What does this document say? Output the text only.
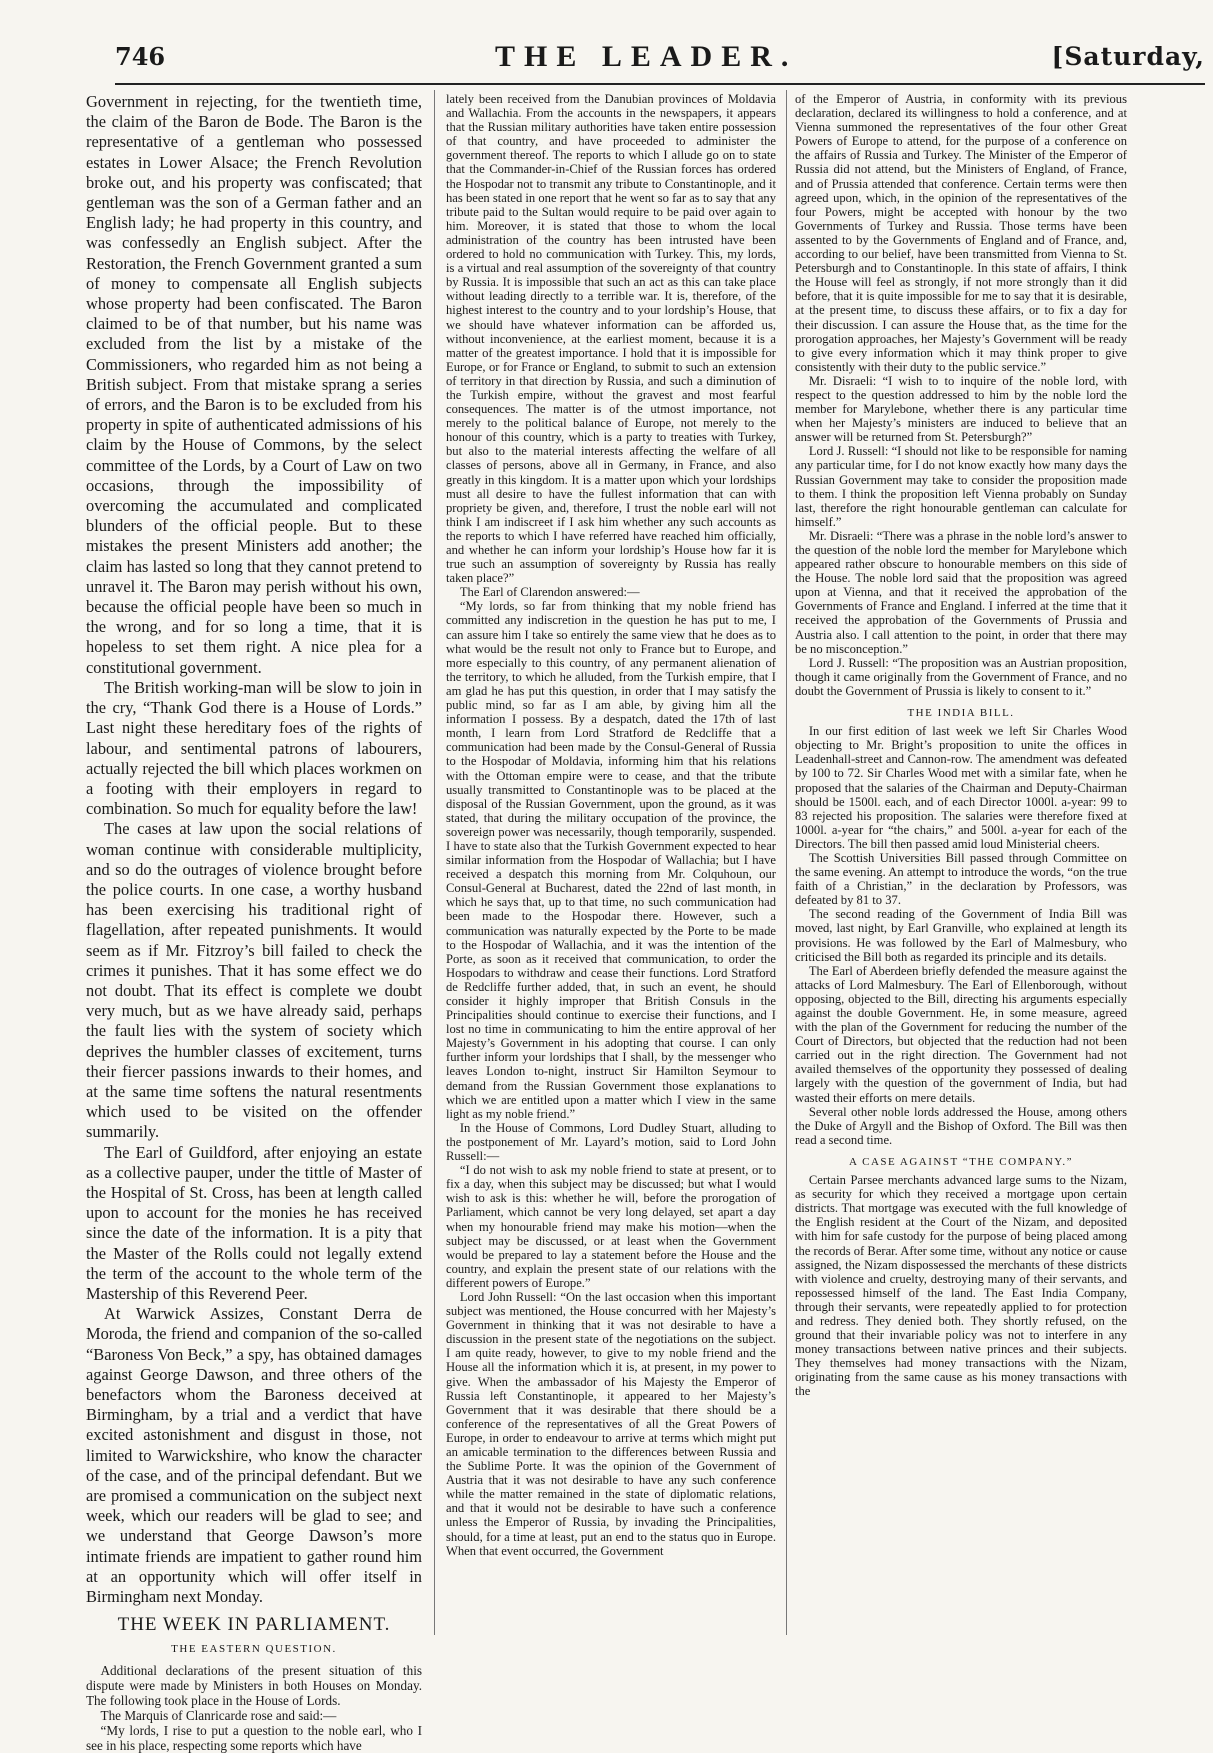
746	THE LEADER.	[Saturday,

Government in rejecting, for the twentieth time, the claim of the Baron de Bode. The Baron is the representative of a gentleman who possessed estates in Lower Alsace; the French Revolution broke out, and his property was confiscated; that gentleman was the son of a German father and an English lady; he had property in this country, and was confessedly an English subject. After the Restoration, the French Government granted a sum of money to compensate all English subjects whose property had been confiscated. The Baron claimed to be of that number, but his name was excluded from the list by a mistake of the Commissioners, who regarded him as not being a British subject. From that mistake sprang a series of errors, and the Baron is to be excluded from his property in spite of authenticated admissions of his claim by the House of Commons, by the select committee of the Lords, by a Court of Law on two occasions, through the impossibility of overcoming the accumulated and complicated blunders of the official people. But to these mistakes the present Ministers add another; the claim has lasted so long that they cannot pretend to unravel it. The Baron may perish without his own, because the official people have been so much in the wrong, and for so long a time, that it is hopeless to set them right. A nice plea for a constitutional government.

The British working-man will be slow to join in the cry, “Thank God there is a House of Lords.” Last night these hereditary foes of the rights of labour, and sentimental patrons of labourers, actually rejected the bill which places workmen on a footing with their employers in regard to combination. So much for equality before the law!

The cases at law upon the social relations of woman continue with considerable multiplicity, and so do the outrages of violence brought before the police courts. In one case, a worthy husband has been exercising his traditional right of flagellation, after repeated punishments. It would seem as if Mr. Fitzroy’s bill failed to check the crimes it punishes. That it has some effect we do not doubt. That its effect is complete we doubt very much, but as we have already said, perhaps the fault lies with the system of society which deprives the humbler classes of excitement, turns their fiercer passions inwards to their homes, and at the same time softens the natural resentments which used to be visited on the offender summarily.

The Earl of Guildford, after enjoying an estate as a collective pauper, under the tittle of Master of the Hospital of St. Cross, has been at length called upon to account for the monies he has received since the date of the information. It is a pity that the Master of the Rolls could not legally extend the term of the account to the whole term of the Mastership of this Reverend Peer.

At Warwick Assizes, Constant Derra de Moroda, the friend and companion of the so-called “Baroness Von Beck,” a spy, has obtained damages against George Dawson, and three others of the benefactors whom the Baroness deceived at Birmingham, by a trial and a verdict that have excited astonishment and disgust in those, not limited to Warwickshire, who know the character of the case, and of the principal defendant. But we are promised a communication on the subject next week, which our readers will be glad to see; and we understand that George Dawson’s more intimate friends are impatient to gather round him at an opportunity which will offer itself in Birmingham next Monday.

THE WEEK IN PARLIAMENT.
THE EASTERN QUESTION.

Additional declarations of the present situation of this dispute were made by Ministers in both Houses on Monday. The following took place in the House of Lords.

The Marquis of Clanricarde rose and said:—

“My lords, I rise to put a question to the noble earl, who I see in his place, respecting some reports which have

lately been received from the Danubian provinces of Moldavia and Wallachia. From the accounts in the newspapers, it appears that the Russian military authorities have taken entire possession of that country, and have proceeded to administer the government thereof. The reports to which I allude go on to state that the Commander-in-Chief of the Russian forces has ordered the Hospodar not to transmit any tribute to Constantinople, and it has been stated in one report that he went so far as to say that any tribute paid to the Sultan would require to be paid over again to him. Moreover, it is stated that those to whom the local administration of the country has been intrusted have been ordered to hold no communication with Turkey. This, my lords, is a virtual and real assumption of the sovereignty of that country by Russia. It is impossible that such an act as this can take place without leading directly to a terrible war. It is, therefore, of the highest interest to the country and to your lordship’s House, that we should have whatever information can be afforded us, without inconvenience, at the earliest moment, because it is a matter of the greatest importance. I hold that it is impossible for Europe, or for France or England, to submit to such an extension of territory in that direction by Russia, and such a diminution of the Turkish empire, without the gravest and most fearful consequences. The matter is of the utmost importance, not merely to the political balance of Europe, not merely to the honour of this country, which is a party to treaties with Turkey, but also to the material interests affecting the welfare of all classes of persons, above all in Germany, in France, and also greatly in this kingdom. It is a matter upon which your lordships must all desire to have the fullest information that can with propriety be given, and, therefore, I trust the noble earl will not think I am indiscreet if I ask him whether any such accounts as the reports to which I have referred have reached him officially, and whether he can inform your lordship’s House how far it is true such an assumption of sovereignty by Russia has really taken place?”

The Earl of Clarendon answered:—

“My lords, so far from thinking that my noble friend has committed any indiscretion in the question he has put to me, I can assure him I take so entirely the same view that he does as to what would be the result not only to France but to Europe, and more especially to this country, of any permanent alienation of the territory, to which he alluded, from the Turkish empire, that I am glad he has put this question, in order that I may satisfy the public mind, so far as I am able, by giving him all the information I possess. By a despatch, dated the 17th of last month, I learn from Lord Stratford de Redcliffe that a communication had been made by the Consul-General of Russia to the Hospodar of Moldavia, informing him that his relations with the Ottoman empire were to cease, and that the tribute usually transmitted to Constantinople was to be placed at the disposal of the Russian Government, upon the ground, as it was stated, that during the military occupation of the province, the sovereign power was necessarily, though temporarily, suspended. I have to state also that the Turkish Government expected to hear similar information from the Hospodar of Wallachia; but I have received a despatch this morning from Mr. Colquhoun, our Consul-General at Bucharest, dated the 22nd of last month, in which he says that, up to that time, no such communication had been made to the Hospodar there. However, such a communication was naturally expected by the Porte to be made to the Hospodar of Wallachia, and it was the intention of the Porte, as soon as it received that communication, to order the Hospodars to withdraw and cease their functions. Lord Stratford de Redcliffe further added, that, in such an event, he should consider it highly improper that British Consuls in the Principalities should continue to exercise their functions, and I lost no time in communicating to him the entire approval of her Majesty’s Government in his adopting that course. I can only further inform your lordships that I shall, by the messenger who leaves London to-night, instruct Sir Hamilton Seymour to demand from the Russian Government those explanations to which we are entitled upon a matter which I view in the same light as my noble friend.”

In the House of Commons, Lord Dudley Stuart, alluding to the postponement of Mr. Layard’s motion, said to Lord John Russell:—

“I do not wish to ask my noble friend to state at present, or to fix a day, when this subject may be discussed; but what I would wish to ask is this: whether he will, before the prorogation of Parliament, which cannot be very long delayed, set apart a day when my honourable friend may make his motion—when the subject may be discussed, or at least when the Government would be prepared to lay a statement before the House and the country, and explain the present state of our relations with the different powers of Europe.”

Lord John Russell: “On the last occasion when this important subject was mentioned, the House concurred with her Majesty’s Government in thinking that it was not desirable to have a discussion in the present state of the negotiations on the subject. I am quite ready, however, to give to my noble friend and the House all the information which it is, at present, in my power to give. When the ambassador of his Majesty the Emperor of Russia left Constantinople, it appeared to her Majesty’s Government that it was desirable that there should be a conference of the representatives of all the Great Powers of Europe, in order to endeavour to arrive at terms which might put an amicable termination to the differences between Russia and the Sublime Porte. It was the opinion of the Government of Austria that it was not desirable to have any such conference while the matter remained in the state of diplomatic relations, and that it would not be desirable to have such a conference unless the Emperor of Russia, by invading the Principalities, should, for a time at least, put an end to the status quo in Europe. When that event occurred, the Government

of the Emperor of Austria, in conformity with its previous declaration, declared its willingness to hold a conference, and at Vienna summoned the representatives of the four other Great Powers of Europe to attend, for the purpose of a conference on the affairs of Russia and Turkey. The Minister of the Emperor of Russia did not attend, but the Ministers of England, of France, and of Prussia attended that conference. Certain terms were then agreed upon, which, in the opinion of the representatives of the four Powers, might be accepted with honour by the two Governments of Turkey and Russia. Those terms have been assented to by the Governments of England and of France, and, according to our belief, have been transmitted from Vienna to St. Petersburgh and to Constantinople. In this state of affairs, I think the House will feel as strongly, if not more strongly than it did before, that it is quite impossible for me to say that it is desirable, at the present time, to discuss these affairs, or to fix a day for their discussion. I can assure the House that, as the time for the prorogation approaches, her Majesty’s Government will be ready to give every information which it may think proper to give consistently with their duty to the public service.”

Mr. Disraeli: “I wish to to inquire of the noble lord, with respect to the question addressed to him by the noble lord the member for Marylebone, whether there is any particular time when her Majesty’s ministers are induced to believe that an answer will be returned from St. Petersburgh?”

Lord J. Russell: “I should not like to be responsible for naming any particular time, for I do not know exactly how many days the Russian Government may take to consider the proposition made to them. I think the proposition left Vienna probably on Sunday last, therefore the right honourable gentleman can calculate for himself.”

Mr. Disraeli: “There was a phrase in the noble lord’s answer to the question of the noble lord the member for Marylebone which appeared rather obscure to honourable members on this side of the House. The noble lord said that the proposition was agreed upon at Vienna, and that it received the approbation of the Governments of France and England. I inferred at the time that it received the approbation of the Governments of Prussia and Austria also. I call attention to the point, in order that there may be no misconception.”

Lord J. Russell: “The proposition was an Austrian proposition, though it came originally from the Government of France, and no doubt the Government of Prussia is likely to consent to it.”

THE INDIA BILL.

In our first edition of last week we left Sir Charles Wood objecting to Mr. Bright’s proposition to unite the offices in Leadenhall-street and Cannon-row. The amendment was defeated by 100 to 72. Sir Charles Wood met with a similar fate, when he proposed that the salaries of the Chairman and Deputy-Chairman should be 1500l. each, and of each Director 1000l. a-year: 99 to 83 rejected his proposition. The salaries were therefore fixed at 1000l. a-year for “the chairs,” and 500l. a-year for each of the Directors. The bill then passed amid loud Ministerial cheers.

The Scottish Universities Bill passed through Committee on the same evening. An attempt to introduce the words, “on the true faith of a Christian,” in the declaration by Professors, was defeated by 81 to 37.

The second reading of the Government of India Bill was moved, last night, by Earl Granville, who explained at length its provisions. He was followed by the Earl of Malmesbury, who criticised the Bill both as regarded its principle and its details.

The Earl of Aberdeen briefly defended the measure against the attacks of Lord Malmesbury. The Earl of Ellenborough, without opposing, objected to the Bill, directing his arguments especially against the double Government. He, in some measure, agreed with the plan of the Government for reducing the number of the Court of Directors, but objected that the reduction had not been carried out in the right direction. The Government had not availed themselves of the opportunity they possessed of dealing largely with the question of the government of India, but had wasted their efforts on mere details.

Several other noble lords addressed the House, among others the Duke of Argyll and the Bishop of Oxford. The Bill was then read a second time.

A CASE AGAINST “THE COMPANY.”

Certain Parsee merchants advanced large sums to the Nizam, as security for which they received a mortgage upon certain districts. That mortgage was executed with the full knowledge of the English resident at the Court of the Nizam, and deposited with him for safe custody for the purpose of being placed among the records of Berar. After some time, without any notice or cause assigned, the Nizam dispossessed the merchants of these districts with violence and cruelty, destroying many of their servants, and repossessed himself of the land. The East India Company, through their servants, were repeatedly applied to for protection and redress. They denied both. They shortly refused, on the ground that their invariable policy was not to interfere in any money transactions between native princes and their subjects. They themselves had money transactions with the Nizam, originating from the same cause as his money transactions with the
